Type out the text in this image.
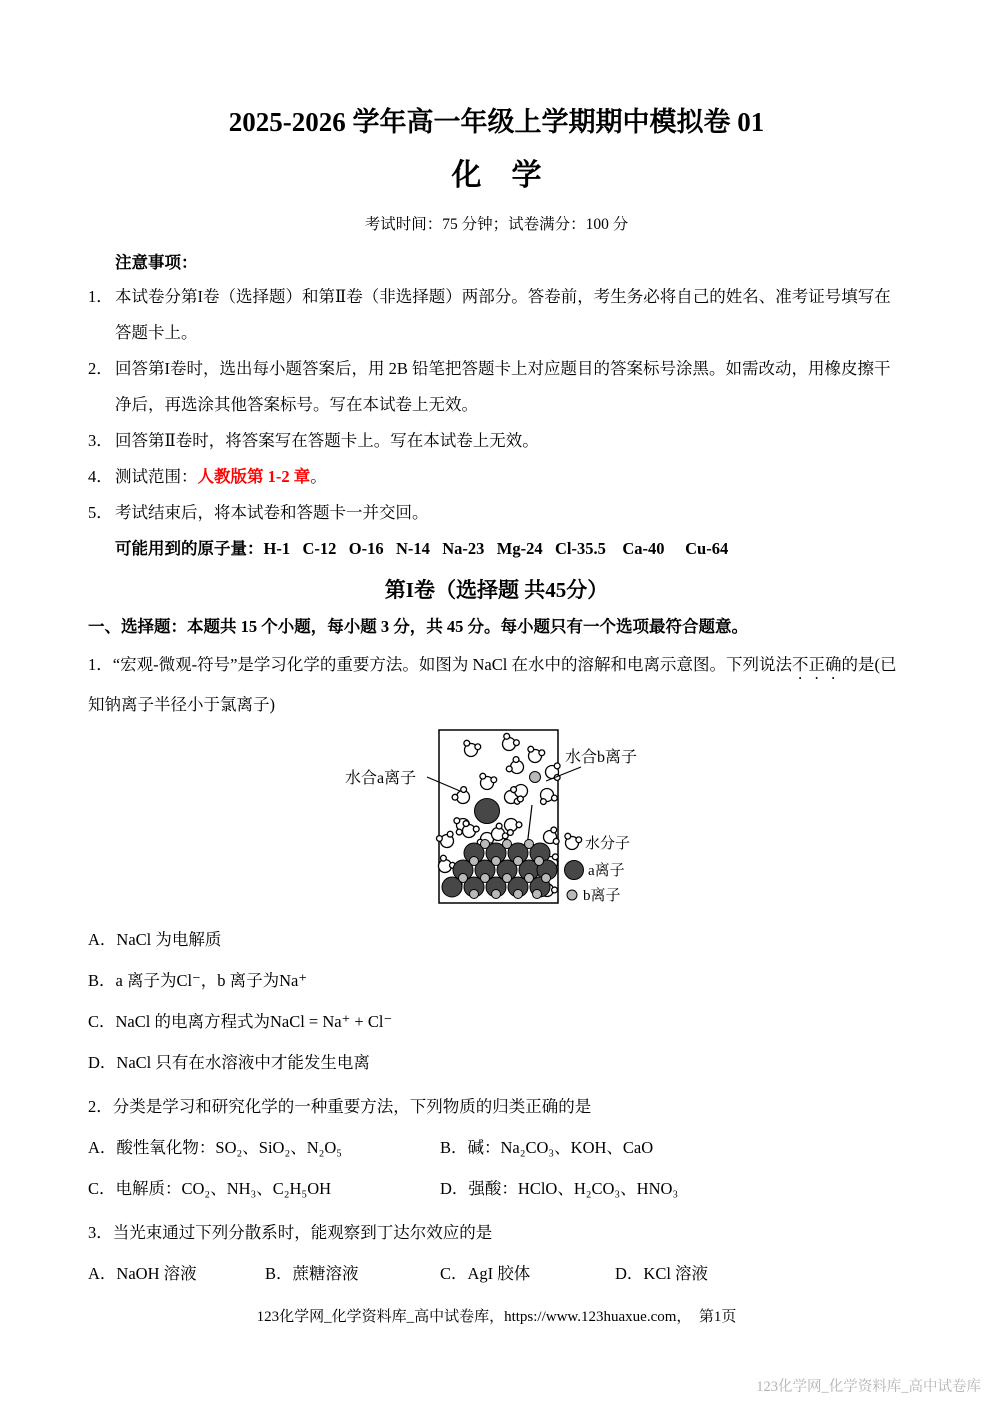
2025-2026 学年高一年级上学期期中模拟卷 01
化　学
考试时间：75 分钟；试卷满分：100 分
注意事项：
1． 本试卷分第I卷（选择题）和第Ⅱ卷（非选择题）两部分。答卷前，考生务必将自己的姓名、准考证号填写在答题卡上。
2． 回答第I卷时，选出每小题答案后，用 2B 铅笔把答题卡上对应题目的答案标号涂黑。如需改动，用橡皮擦干净后，再选涂其他答案标号。写在本试卷上无效。
3． 回答第Ⅱ卷时，将答案写在答题卡上。写在本试卷上无效。
4． 测试范围：人教版第 1-2 章。
5． 考试结束后，将本试卷和答题卡一并交回。
可能用到的原子量：H-1   C-12   O-16   N-14   Na-23   Mg-24   Cl-35.5    Ca-40     Cu-64
第I卷（选择题 共45分）
一、选择题：本题共 15 个小题，每小题 3 分，共 45 分。每小题只有一个选项最符合题意。
1．“宏观-微观-符号”是学习化学的重要方法。如图为 NaCl 在水中的溶解和电离示意图。下列说法不正确的是(已知钠离子半径小于氯离子)
水合a离子
水合b离子
水分子
a离子
b离子
A．NaCl 为电解质
B．a 离子为Cl⁻，b 离子为Na⁺
C．NaCl 的电离方程式为NaCl = Na⁺ + Cl⁻
D．NaCl 只有在水溶液中才能发生电离
2．分类是学习和研究化学的一种重要方法，下列物质的归类正确的是
A．酸性氧化物：SO₂、SiO₂、N₂O₅	B．碱：Na₂CO₃、KOH、CaO
C．电解质：CO₂、NH₃、C₂H₅OH	D．强酸：HClO、H₂CO₃、HNO₃
3．当光束通过下列分散系时，能观察到丁达尔效应的是
A．NaOH 溶液	B．蔗糖溶液	C．AgI 胶体	D．KCl 溶液
123化学网_化学资料库_高中试卷库，https://www.123huaxue.com，　第1页
123化学网_化学资料库_高中试卷库
